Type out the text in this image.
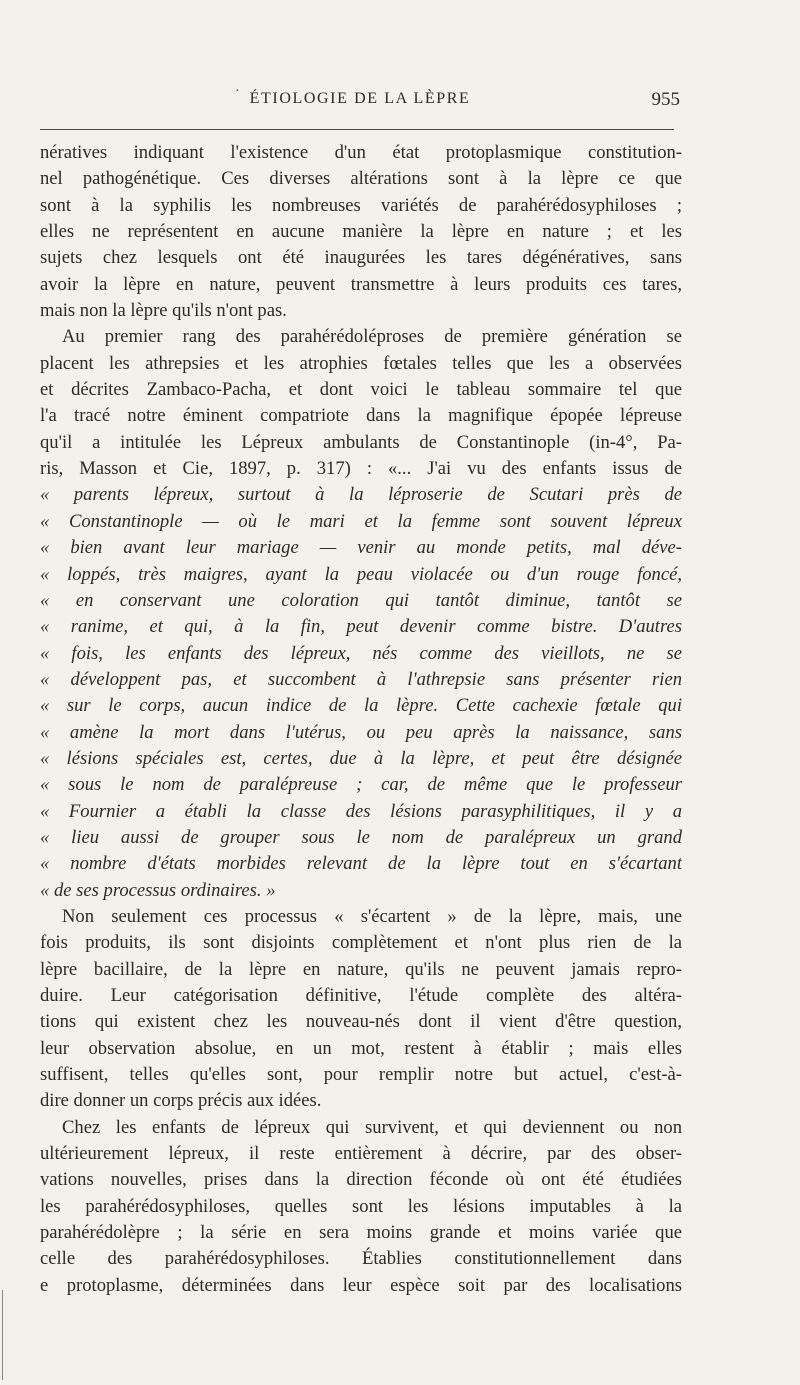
· ÉTIOLOGIE DE LA LÈPRE	955
nératives indiquant l'existence d'un état protoplasmique constitution-
nel pathogénétique. Ces diverses altérations sont à la lèpre ce que
sont à la syphilis les nombreuses variétés de parahérédosyphiloses ;
elles ne représentent en aucune manière la lèpre en nature ; et les
sujets chez lesquels ont été inaugurées les tares dégénératives, sans
avoir la lèpre en nature, peuvent transmettre à leurs produits ces tares,
mais non la lèpre qu'ils n'ont pas.
Au premier rang des parahérédoléproses de première génération se
placent les athrepsies et les atrophies fœtales telles que les a observées
et décrites Zambaco-Pacha, et dont voici le tableau sommaire tel que
l'a tracé notre éminent compatriote dans la magnifique épopée lépreuse
qu'il a intitulée les Lépreux ambulants de Constantinople (in-4°, Pa-
ris, Masson et Cie, 1897, p. 317) : «... J'ai vu des enfants issus de
« parents lépreux, surtout à la léproserie de Scutari près de
« Constantinople — où le mari et la femme sont souvent lépreux
« bien avant leur mariage — venir au monde petits, mal déve-
« loppés, très maigres, ayant la peau violacée ou d'un rouge foncé,
« en conservant une coloration qui tantôt diminue, tantôt se
« ranime, et qui, à la fin, peut devenir comme bistre. D'autres
« fois, les enfants des lépreux, nés comme des vieillots, ne se
« développent pas, et succombent à l'athrepsie sans présenter rien
« sur le corps, aucun indice de la lèpre. Cette cachexie fœtale qui
« amène la mort dans l'utérus, ou peu après la naissance, sans
« lésions spéciales est, certes, due à la lèpre, et peut être désignée
« sous le nom de paralépreuse ; car, de même que le professeur
« Fournier a établi la classe des lésions parasyphilitiques, il y a
« lieu aussi de grouper sous le nom de paralépreux un grand
« nombre d'états morbides relevant de la lèpre tout en s'écartant
« de ses processus ordinaires. »
Non seulement ces processus « s'écartent » de la lèpre, mais, une
fois produits, ils sont disjoints complètement et n'ont plus rien de la
lèpre bacillaire, de la lèpre en nature, qu'ils ne peuvent jamais repro-
duire. Leur catégorisation définitive, l'étude complète des altéra-
tions qui existent chez les nouveau-nés dont il vient d'être question,
leur observation absolue, en un mot, restent à établir ; mais elles
suffisent, telles qu'elles sont, pour remplir notre but actuel, c'est-à-
dire donner un corps précis aux idées.
Chez les enfants de lépreux qui survivent, et qui deviennent ou non
ultérieurement lépreux, il reste entièrement à décrire, par des obser-
vations nouvelles, prises dans la direction féconde où ont été étudiées
les parahérédosyphiloses, quelles sont les lésions imputables à la
parahérédolèpre ; la série en sera moins grande et moins variée que
celle des parahérédosyphiloses. Établies constitutionnellement dans
e protoplasme, déterminées dans leur espèce soit par des localisations
